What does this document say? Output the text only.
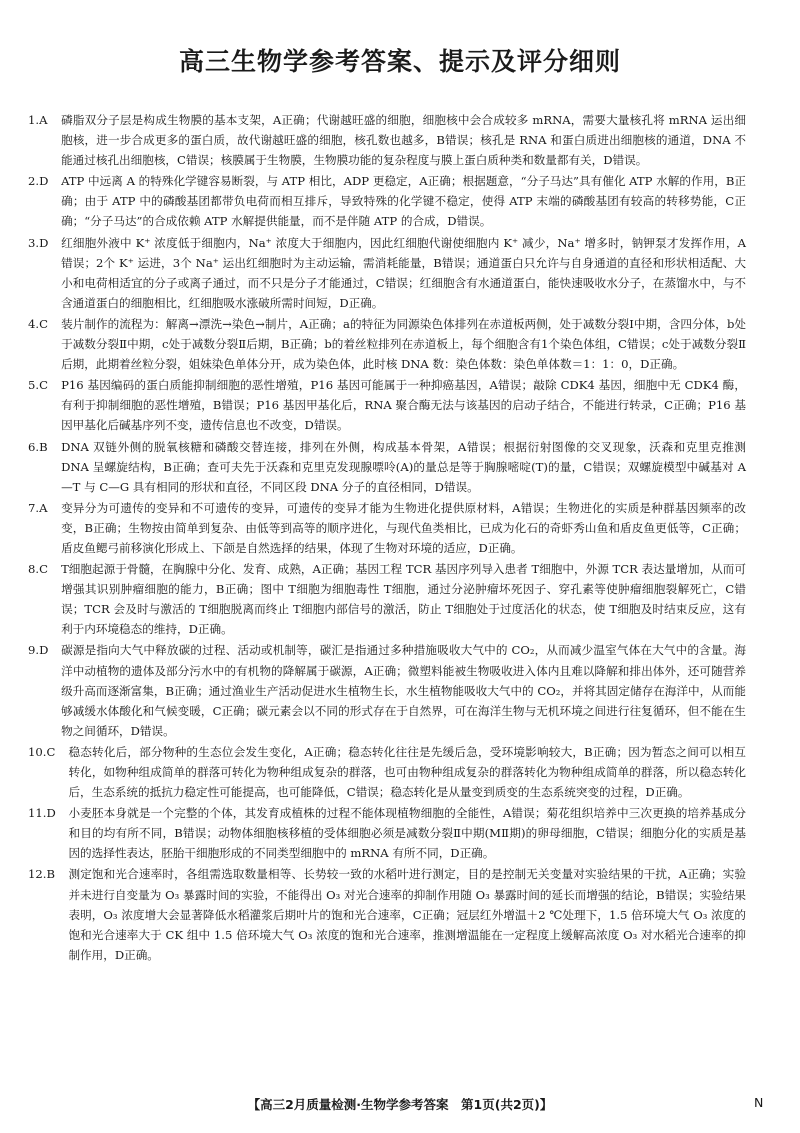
高三生物学参考答案、提示及评分细则
1. A	磷脂双分子层是构成生物膜的基本支架，A正确；代谢越旺盛的细胞，细胞核中会合成较多 mRNA，需要大量核孔将 mRNA 运出细胞核，进一步合成更多的蛋白质，故代谢越旺盛的细胞，核孔数也越多，B错误；核孔是 RNA 和蛋白质进出细胞核的通道，DNA 不能通过核孔出细胞核，C错误；核膜属于生物膜，生物膜功能的复杂程度与膜上蛋白质种类和数量都有关，D错误。
2. D	ATP 中远离 A 的特殊化学键容易断裂，与 ATP 相比，ADP 更稳定，A正确；根据题意，“分子马达”具有催化 ATP 水解的作用，B正确；由于 ATP 中的磷酸基团都带负电荷而相互排斥，导致特殊的化学键不稳定，使得 ATP 末端的磷酸基团有较高的转移势能，C正确；“分子马达”的合成依赖 ATP 水解提供能量，而不是伴随 ATP 的合成，D错误。
3. D	红细胞外液中 K⁺ 浓度低于细胞内，Na⁺ 浓度大于细胞内，因此红细胞代谢使细胞内 K⁺ 减少，Na⁺ 增多时，钠钾泵才发挥作用，A错误；2个 K⁺ 运进，3个 Na⁺ 运出红细胞时为主动运输，需消耗能量，B错误；通道蛋白只允许与自身通道的直径和形状相适配、大小和电荷相适宜的分子或离子通过，而不只是分子才能通过，C错误；红细胞含有水通道蛋白，能快速吸收水分子，在蒸馏水中，与不含通道蛋白的细胞相比，红细胞吸水涨破所需时间短，D正确。
4. C	装片制作的流程为：解离→漂洗→染色→制片，A正确；a的特征为同源染色体排列在赤道板两侧，处于减数分裂Ⅰ中期，含四分体，b处于减数分裂Ⅱ中期，c处于减数分裂Ⅱ后期，B正确；b的着丝粒排列在赤道板上，每个细胞含有1个染色体组，C错误；c处于减数分裂Ⅱ后期，此期着丝粒分裂，姐妹染色单体分开，成为染色体，此时核 DNA 数：染色体数：染色单体数＝1：1：0，D正确。
5. C	P16 基因编码的蛋白质能抑制细胞的恶性增殖，P16 基因可能属于一种抑癌基因，A错误；敲除 CDK4 基因，细胞中无 CDK4 酶，有利于抑制细胞的恶性增殖，B错误；P16 基因甲基化后，RNA 聚合酶无法与该基因的启动子结合，不能进行转录，C正确；P16 基因甲基化后碱基序列不变，遗传信息也不改变，D错误。
6. B	DNA 双链外侧的脱氧核糖和磷酸交替连接，排列在外侧，构成基本骨架，A错误；根据衍射图像的交叉现象，沃森和克里克推测 DNA 呈螺旋结构，B正确；查可夫先于沃森和克里克发现腺嘌呤(A)的量总是等于胸腺嘧啶(T)的量，C错误；双螺旋模型中碱基对 A—T 与 C—G 具有相同的形状和直径，不同区段 DNA 分子的直径相同，D错误。
7. A	变异分为可遗传的变异和不可遗传的变异，可遗传的变异才能为生物进化提供原材料，A错误；生物进化的实质是种群基因频率的改变，B正确；生物按由简单到复杂、由低等到高等的顺序进化，与现代鱼类相比，已成为化石的奇虾秀山鱼和盾皮鱼更低等，C正确；盾皮鱼鳃弓前移演化形成上、下颌是自然选择的结果，体现了生物对环境的适应，D正确。
8. C	T细胞起源于骨髓，在胸腺中分化、发育、成熟，A正确；基因工程 TCR 基因序列导入患者 T细胞中，外源 TCR 表达量增加，从而可增强其识别肿瘤细胞的能力，B正确；图中 T细胞为细胞毒性 T细胞，通过分泌肿瘤坏死因子、穿孔素等使肿瘤细胞裂解死亡，C错误；TCR 会及时与激活的 T细胞脱离而终止 T细胞内部信号的激活，防止 T细胞处于过度活化的状态，使 T细胞及时结束反应，这有利于内环境稳态的维持，D正确。
9. D	碳源是指向大气中释放碳的过程、活动或机制等，碳汇是指通过多种措施吸收大气中的 CO₂，从而减少温室气体在大气中的含量。海洋中动植物的遗体及部分污水中的有机物的降解属于碳源，A正确；微塑料能被生物吸收进入体内且难以降解和排出体外，还可随营养级升高而逐渐富集，B正确；通过渔业生产活动促进水生植物生长，水生植物能吸收大气中的 CO₂，并将其固定储存在海洋中，从而能够减缓水体酸化和气候变暖，C正确；碳元素会以不同的形式存在于自然界，可在海洋生物与无机环境之间进行往复循环，但不能在生物之间循环，D错误。
10. C	稳态转化后，部分物种的生态位会发生变化，A正确；稳态转化往往是先缓后急，受环境影响较大，B正确；因为暂态之间可以相互转化，如物种组成简单的群落可转化为物种组成复杂的群落，也可由物种组成复杂的群落转化为物种组成简单的群落，所以稳态转化后，生态系统的抵抗力稳定性可能提高，也可能降低，C错误；稳态转化是从量变到质变的生态系统突变的过程，D正确。
11. D	小麦胚本身就是一个完整的个体，其发育成植株的过程不能体现植物细胞的全能性，A错误；菊花组织培养中三次更换的培养基成分和目的均有所不同，B错误；动物体细胞核移植的受体细胞必须是减数分裂Ⅱ中期(MⅡ期)的卵母细胞，C错误；细胞分化的实质是基因的选择性表达，胚胎干细胞形成的不同类型细胞中的 mRNA 有所不同，D正确。
12. B	测定饱和光合速率时，各组需选取数量相等、长势较一致的水稻叶进行测定，目的是控制无关变量对实验结果的干扰，A正确；实验并未进行自变量为 O₃ 暴露时间的实验，不能得出 O₃ 对光合速率的抑制作用随 O₃ 暴露时间的延长而增强的结论，B错误；实验结果表明，O₃ 浓度增大会显著降低水稻灌浆后期叶片的饱和光合速率，C正确；冠层红外增温＋2 ℃处理下，1.5 倍环境大气 O₃ 浓度的饱和光合速率大于 CK 组中 1.5 倍环境大气 O₃ 浓度的饱和光合速率，推测增温能在一定程度上缓解高浓度 O₃ 对水稻光合速率的抑制作用，D正确。
【高三2月质量检测·生物学参考答案　第1页(共2页)】	N
